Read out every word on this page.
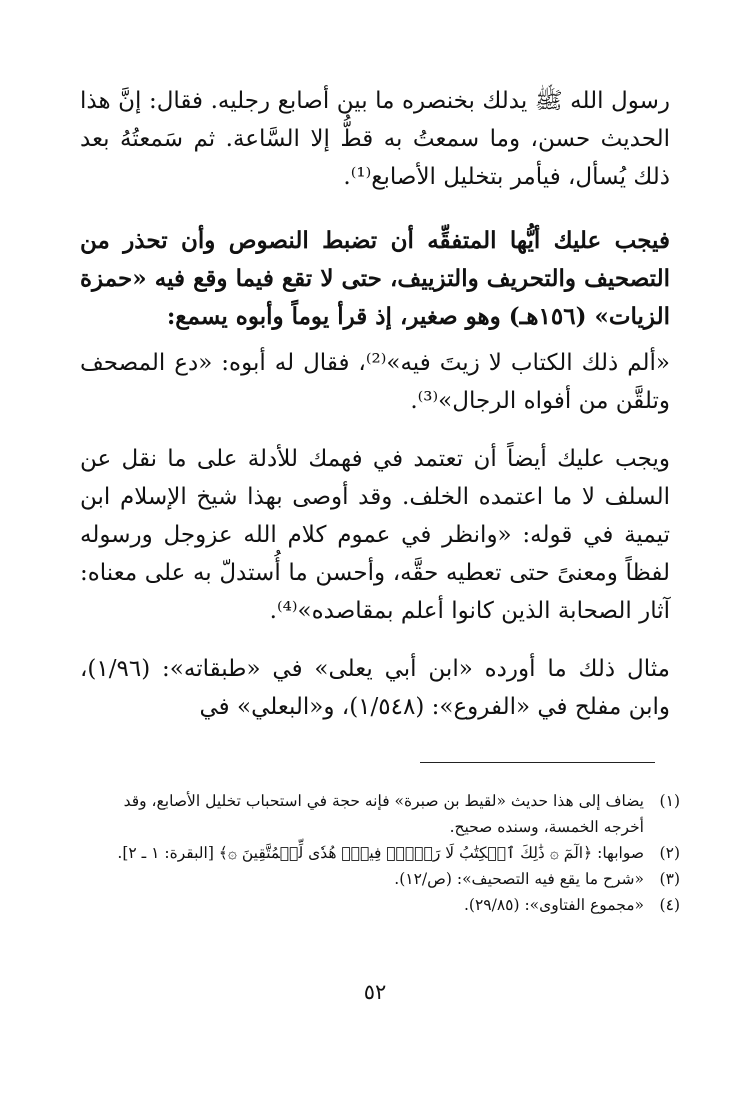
رسول الله ﷺ يدلك بخنصره ما بين أصابع رجليه. فقال: إنَّ هذا الحديث حسن، وما سمعتُ به قطُّ إلا السَّاعة. ثم سَمعتُهُ بعد ذلك يُسأل، فيأمر بتخليل الأصابع⁽¹⁾.

فيجب عليك أيُّها المتفقِّه أن تضبط النصوص وأن تحذر من التصحيف والتحريف والتزييف، حتى لا تقع فيما وقع فيه «حمزة الزيات» (١٥٦هـ) وهو صغير، إذ قرأ يوماً وأبوه يسمع:

«ألم ذلك الكتاب لا زيتَ فيه»⁽²⁾، فقال له أبوه: «دع المصحف وتلقَّن من أفواه الرجال»⁽³⁾.

ويجب عليك أيضاً أن تعتمد في فهمك للأدلة على ما نقل عن السلف لا ما اعتمده الخلف. وقد أوصى بهذا شيخ الإسلام ابن تيمية في قوله: «وانظر في عموم كلام الله عزوجل ورسوله لفظاً ومعنىً حتى تعطيه حقَّه، وأحسن ما أُستدلّ به على معناه: آثار الصحابة الذين كانوا أعلم بمقاصده»⁽⁴⁾.

مثال ذلك ما أورده «ابن أبي يعلى» في «طبقاته»: (١/٩٦)، وابن مفلح في «الفروع»: (١/٥٤٨)، و«البعلي» في

(١)
يضاف إلى هذا حديث «لقيط بن صبرة» فإنه حجة في استحباب تخليل الأصابع، وقد أخرجه الخمسة، وسنده صحيح.
(٢)
صوابها: ﴿الٓمٓ ۞ ذَٰلِكَ ٱلۡكِتَٰبُ لَا رَيۡبَۛ فِيهِۛ هُدٗى لِّلۡمُتَّقِينَ ۞﴾ [البقرة: ١ ـ ٢].
(٣)
«شرح ما يقع فيه التصحيف»: (ص/١٢).
(٤)
«مجموع الفتاوى»: (٢٩/٨٥).
٥٢
